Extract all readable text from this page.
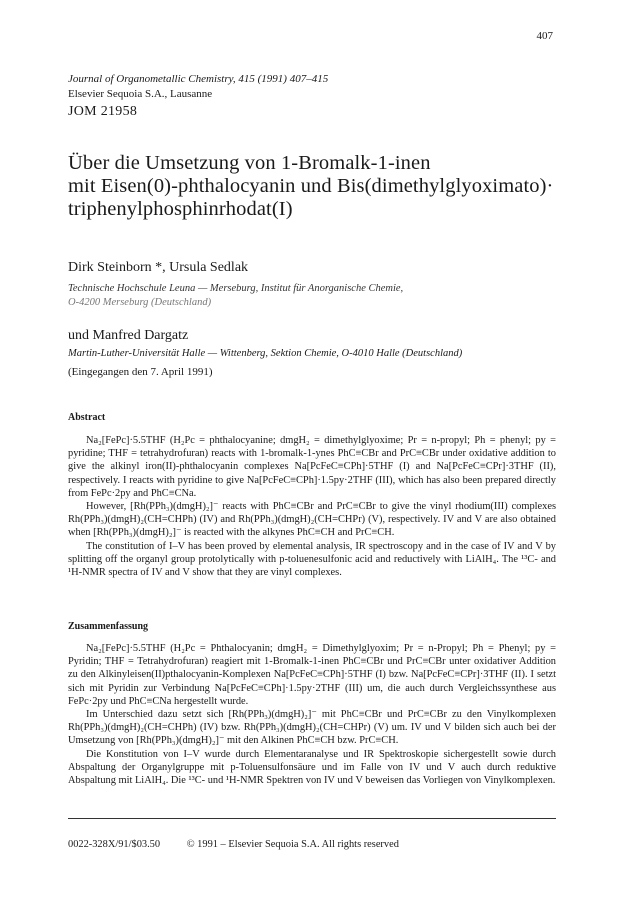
407
Journal of Organometallic Chemistry, 415 (1991) 407–415
Elsevier Sequoia S.A., Lausanne
JOM 21958
Über die Umsetzung von 1-Bromalk-1-inen
mit Eisen(0)-phthalocyanin und Bis(dimethylglyoximato)·
triphenylphosphinrhodat(I)
Dirk Steinborn *, Ursula Sedlak
Technische Hochschule Leuna — Merseburg, Institut für Anorganische Chemie,
O-4200 Merseburg (Deutschland)
und Manfred Dargatz
Martin-Luther-Universität Halle — Wittenberg, Sektion Chemie, O-4010 Halle (Deutschland)
(Eingegangen den 7. April 1991)
Abstract

Na₂[FePc]·5.5THF (H₂Pc = phthalocyanine; dmgH₂ = dimethylglyoxime; Pr = n-propyl; Ph = phenyl; py = pyridine; THF = tetrahydrofuran) reacts with 1-bromalk-1-ynes PhC≡CBr and PrC≡CBr under oxidative addition to give the alkinyl iron(II)-phthalocyanin complexes Na[PcFeC≡CPh]·5THF (I) and Na[PcFeC≡CPr]·3THF (II), respectively. I reacts with pyridine to give Na[PcFeC≡CPh]·1.5py·2THF (III), which has also been prepared directly from FePc·2py and PhC≡CNa.

However, [Rh(PPh₃)(dmgH)₂]⁻ reacts with PhC≡CBr and PrC≡CBr to give the vinyl rhodium(III) complexes Rh(PPh₃)(dmgH)₂(CH=CHPh) (IV) and Rh(PPh₃)(dmgH)₂(CH=CHPr) (V), respectively. IV and V are also obtained when [Rh(PPh₃)(dmgH)₂]⁻ is reacted with the alkynes PhC≡CH and PrC≡CH.

The constitution of I–V has been proved by elemental analysis, IR spectroscopy and in the case of IV and V by splitting off the organyl group protolytically with p-toluenesulfonic acid and reductively with LiAlH₄. The ¹³C- and ¹H-NMR spectra of IV and V show that they are vinyl complexes.

Zusammenfassung

Na₂[FePc]·5.5THF (H₂Pc = Phthalocyanin; dmgH₂ = Dimethylglyoxim; Pr = n-Propyl; Ph = Phenyl; py = Pyridin; THF = Tetrahydrofuran) reagiert mit 1-Bromalk-1-inen PhC≡CBr und PrC≡CBr unter oxidativer Addition zu den Alkinyleisen(II)pthalocyanin-Komplexen Na[PcFeC≡CPh]·5THF (I) bzw. Na[PcFeC≡CPr]·3THF (II). I setzt sich mit Pyridin zur Verbindung Na[PcFeC≡CPh]·1.5py·2THF (III) um, die auch durch Vergleichssynthese aus FePc·2py und PhC≡CNa hergestellt wurde.

Im Unterschied dazu setzt sich [Rh(PPh₃)(dmgH)₂]⁻ mit PhC≡CBr und PrC≡CBr zu den Vinylkomplexen Rh(PPh₃)(dmgH)₂(CH=CHPh) (IV) bzw. Rh(PPh₃)(dmgH)₂(CH=CHPr) (V) um. IV und V bilden sich auch bei der Umsetzung von [Rh(PPh₃)(dmgH)₂]⁻ mit den Alkinen PhC≡CH bzw. PrC≡CH.

Die Konstitution von I–V wurde durch Elementaranalyse und IR Spektroskopie sichergestellt sowie durch Abspaltung der Organylgruppe mit p-Toluensulfonsäure und im Falle von IV und V auch durch reduktive Abspaltung mit LiAlH₄. Die ¹³C- und ¹H-NMR Spektren von IV und V beweisen das Vorliegen von Vinylkomplexen.

0022-328X/91/$03.50	© 1991 – Elsevier Sequoia S.A. All rights reserved
